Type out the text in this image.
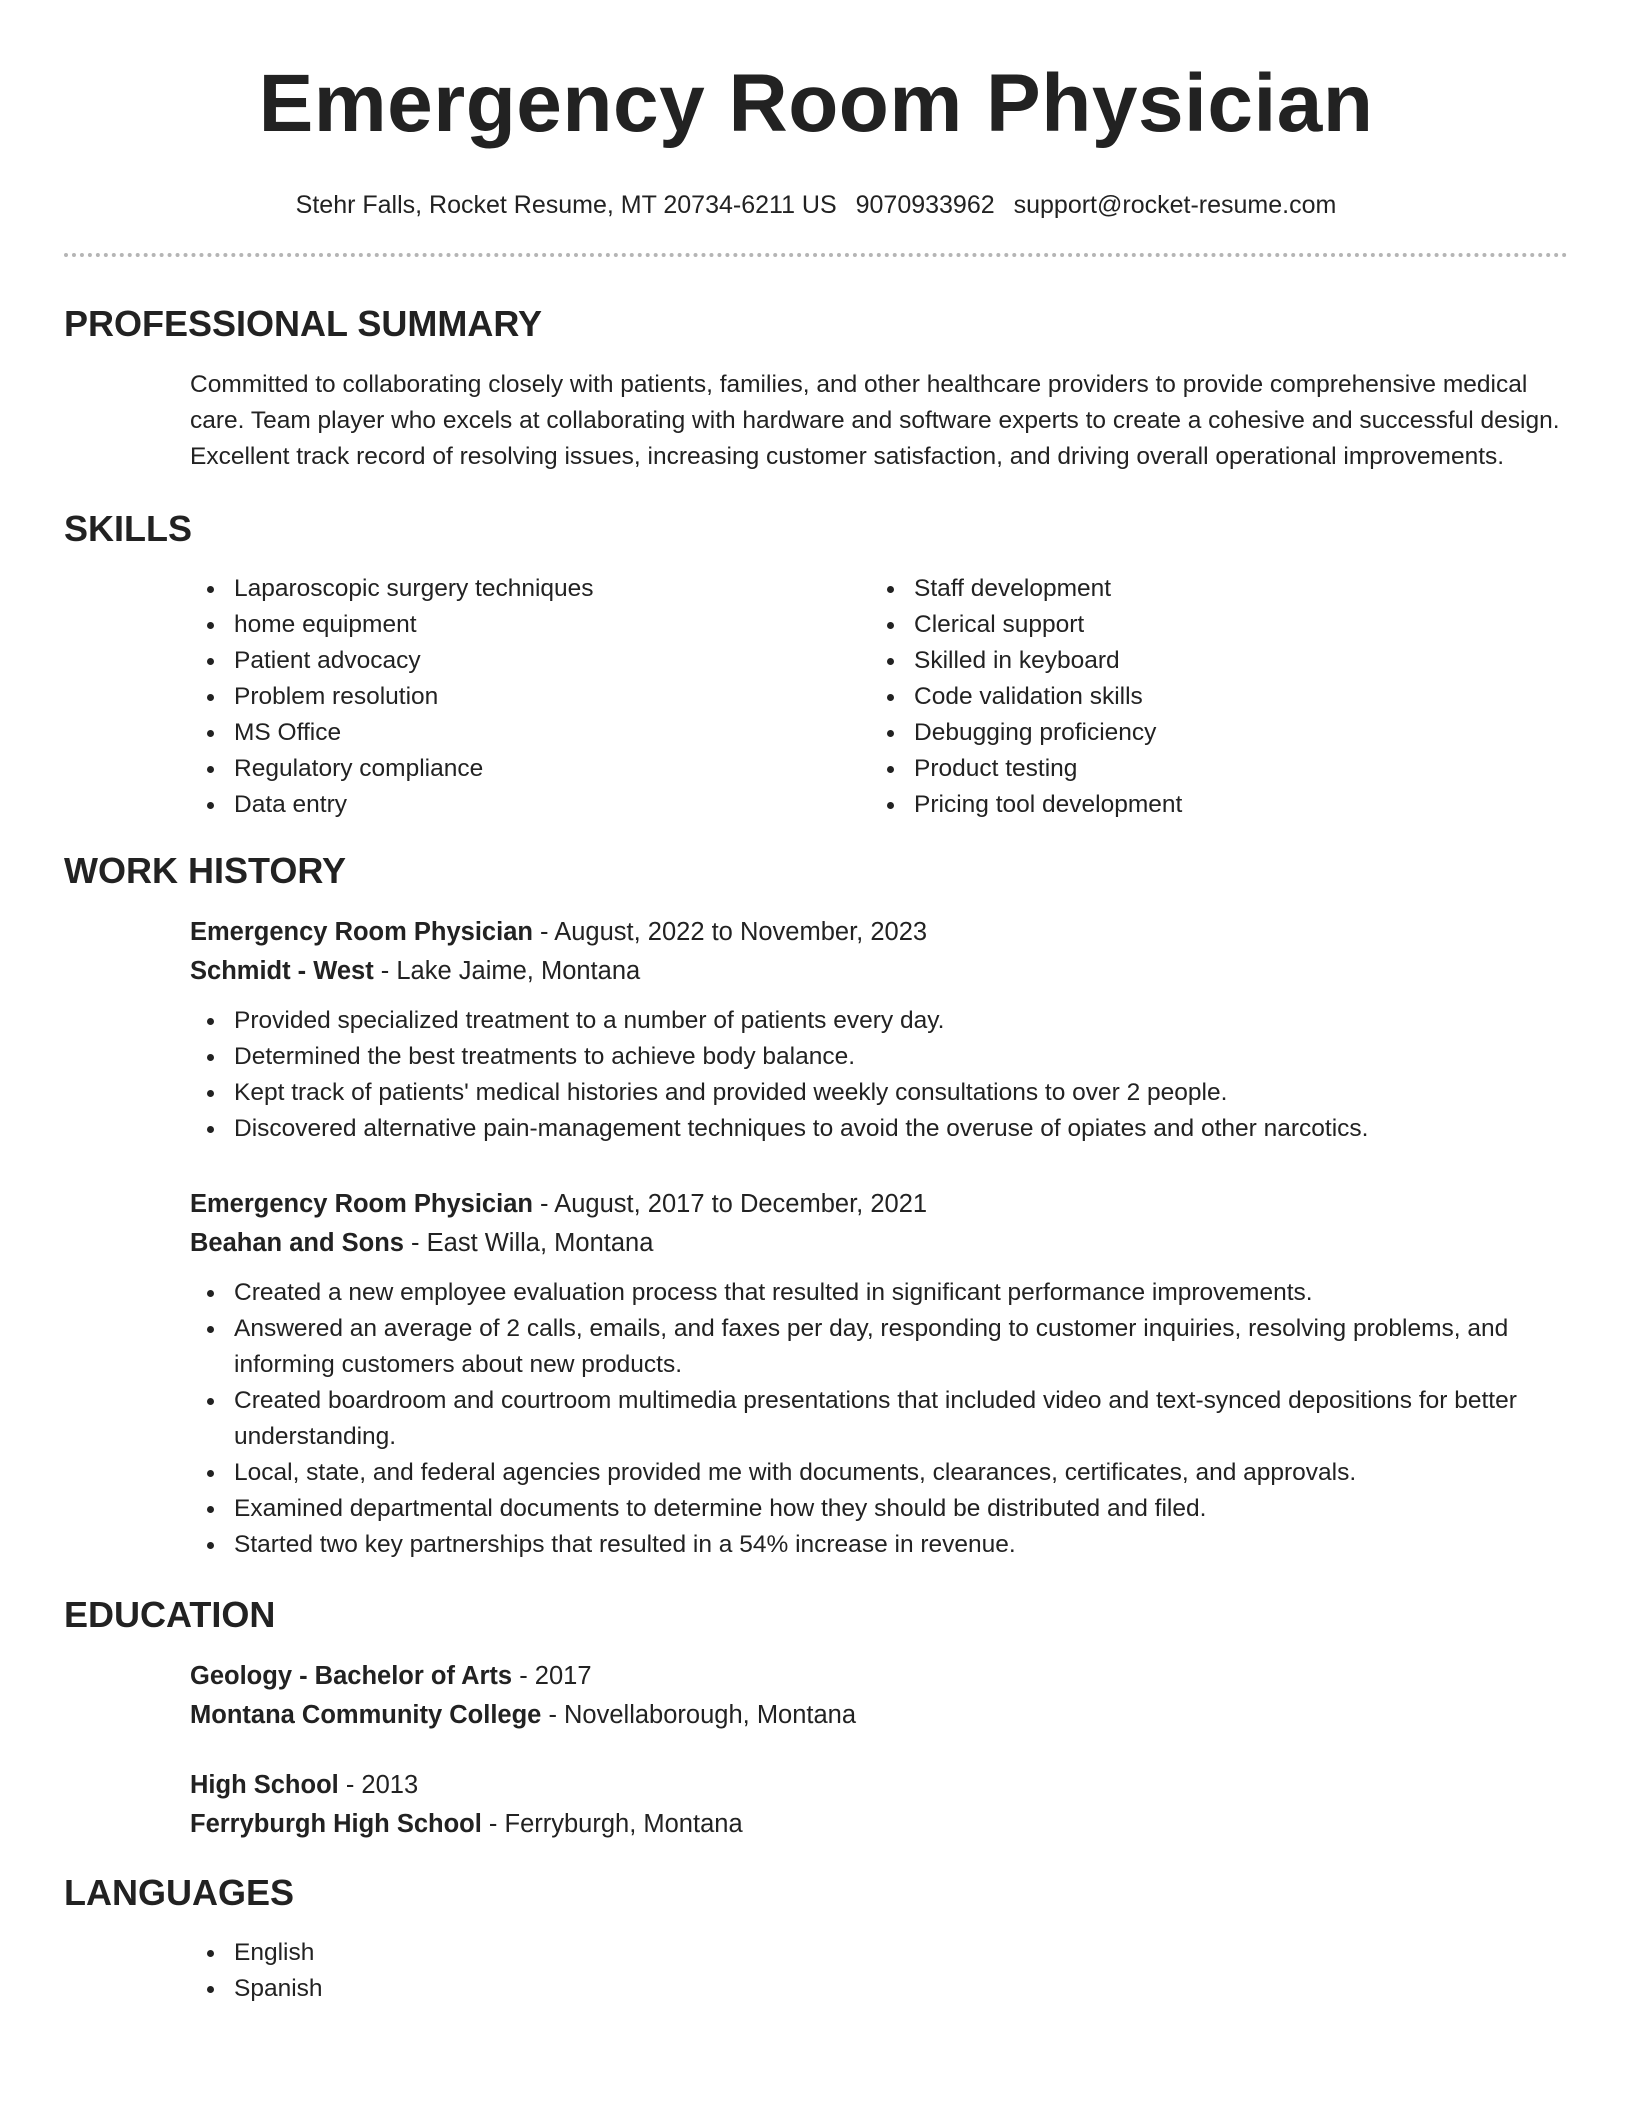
Emergency Room Physician
Stehr Falls, Rocket Resume, MT 20734-6211 US 9070933962 support@rocket-resume.com
PROFESSIONAL SUMMARY

Committed to collaborating closely with patients, families, and other healthcare providers to provide comprehensive medical care. Team player who excels at collaborating with hardware and software experts to create a cohesive and successful design. Excellent track record of resolving issues, increasing customer satisfaction, and driving overall operational improvements.

SKILLS
Laparoscopic surgery techniques
home equipment
Patient advocacy
Problem resolution
MS Office
Regulatory compliance
Data entry
Staff development
Clerical support
Skilled in keyboard
Code validation skills
Debugging proficiency
Product testing
Pricing tool development
WORK HISTORY
Emergency Room Physician - August, 2022 to November, 2023
Schmidt - West - Lake Jaime, Montana
Provided specialized treatment to a number of patients every day.
Determined the best treatments to achieve body balance.
Kept track of patients' medical histories and provided weekly consultations to over 2 people.
Discovered alternative pain-management techniques to avoid the overuse of opiates and other narcotics.
Emergency Room Physician - August, 2017 to December, 2021
Beahan and Sons - East Willa, Montana
Created a new employee evaluation process that resulted in significant performance improvements.
Answered an average of 2 calls, emails, and faxes per day, responding to customer inquiries, resolving problems, and informing customers about new products.
Created boardroom and courtroom multimedia presentations that included video and text-synced depositions for better understanding.
Local, state, and federal agencies provided me with documents, clearances, certificates, and approvals.
Examined departmental documents to determine how they should be distributed and filed.
Started two key partnerships that resulted in a 54% increase in revenue.
EDUCATION
Geology - Bachelor of Arts - 2017
Montana Community College - Novellaborough, Montana
High School - 2013
Ferryburgh High School - Ferryburgh, Montana
LANGUAGES
English
Spanish
